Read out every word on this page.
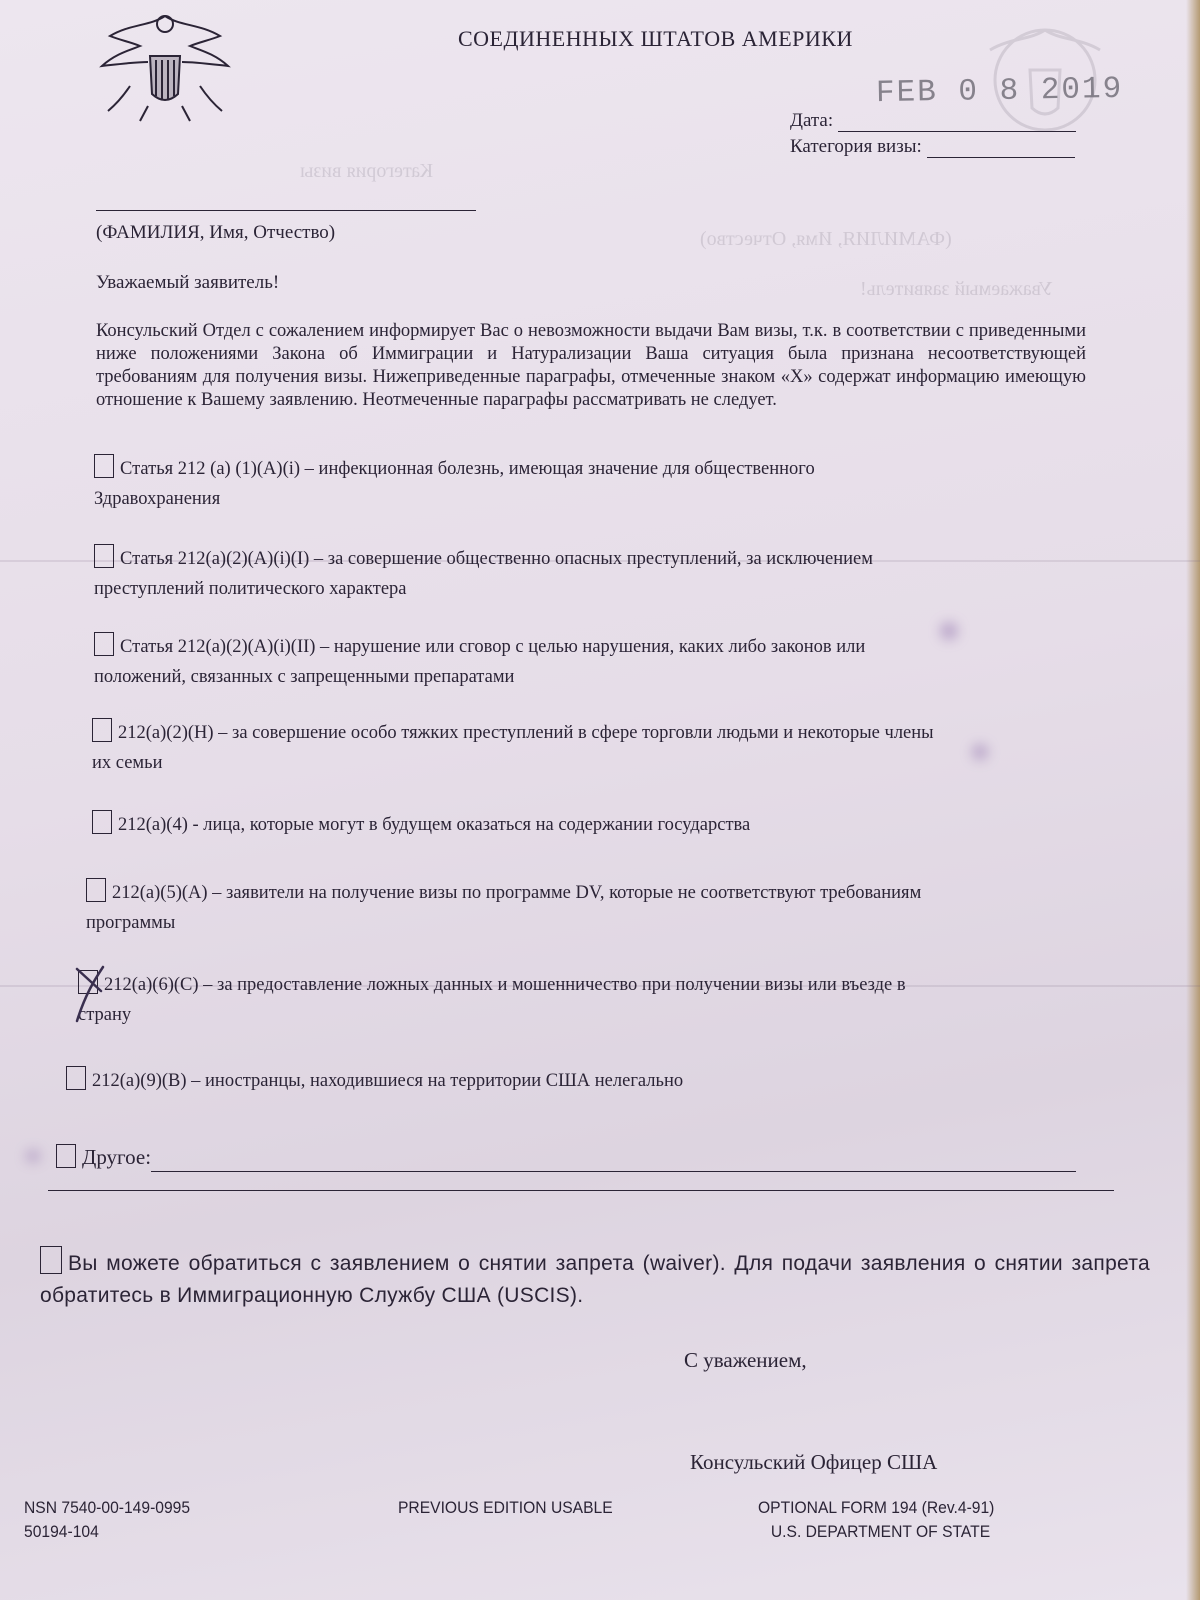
(ФАМИЛИЯ, Имя, Отчество)
Уважаемый заявитель!
Категория визы
СОЕДИНЕННЫХ ШТАТОВ АМЕРИКИ
FEB 0 8 2019
Дата:
Категория визы:
(ФАМИЛИЯ, Имя, Отчество)
Уважаемый заявитель!

Консульский Отдел с сожалением информирует Вас о невозможности выдачи Вам визы, т.к. в соответствии с приведенными ниже положениями Закона об Иммиграции и Натурализации Ваша ситуация была признана несоответствующей требованиям для получения визы. Нижеприведенные параграфы, отмеченные знаком «X» содержат информацию имеющую отношение к Вашему заявлению. Неотмеченные параграфы рассматривать не следует.

Статья 212 (a) (1)(A)(i) – инфекционная болезнь, имеющая значение для общественного
Здравохранения
Статья 212(a)(2)(A)(i)(I) – за совершение общественно опасных преступлений, за исключением
преступлений политического характера
Статья 212(a)(2)(A)(i)(II) – нарушение или сговор с целью нарушения, каких либо законов или
положений, связанных с запрещенными препаратами
212(a)(2)(H) – за совершение особо тяжких преступлений в сфере торговли людьми и некоторые члены
их семьи
212(a)(4) - лица, которые могут в будущем оказаться на содержании государства
212(a)(5)(A) – заявители на получение визы по программе DV, которые не соответствуют требованиям
программы
212(a)(6)(C) – за предоставление ложных данных и мошенничество при получении визы или въезде в
страну
212(a)(9)(B) – иностранцы, находившиеся на территории США нелегально
Другое:

Вы можете обратиться с заявлением о снятии запрета (waiver). Для подачи заявления о снятии запрета обратитесь в Иммиграционную Службу США (USCIS).

С уважением,
Консульский Офицер США
NSN 7540-00-149-0995
50194-104
PREVIOUS EDITION USABLE	OPTIONAL FORM 194 (Rev.4-91)
U.S. DEPARTMENT OF STATE
